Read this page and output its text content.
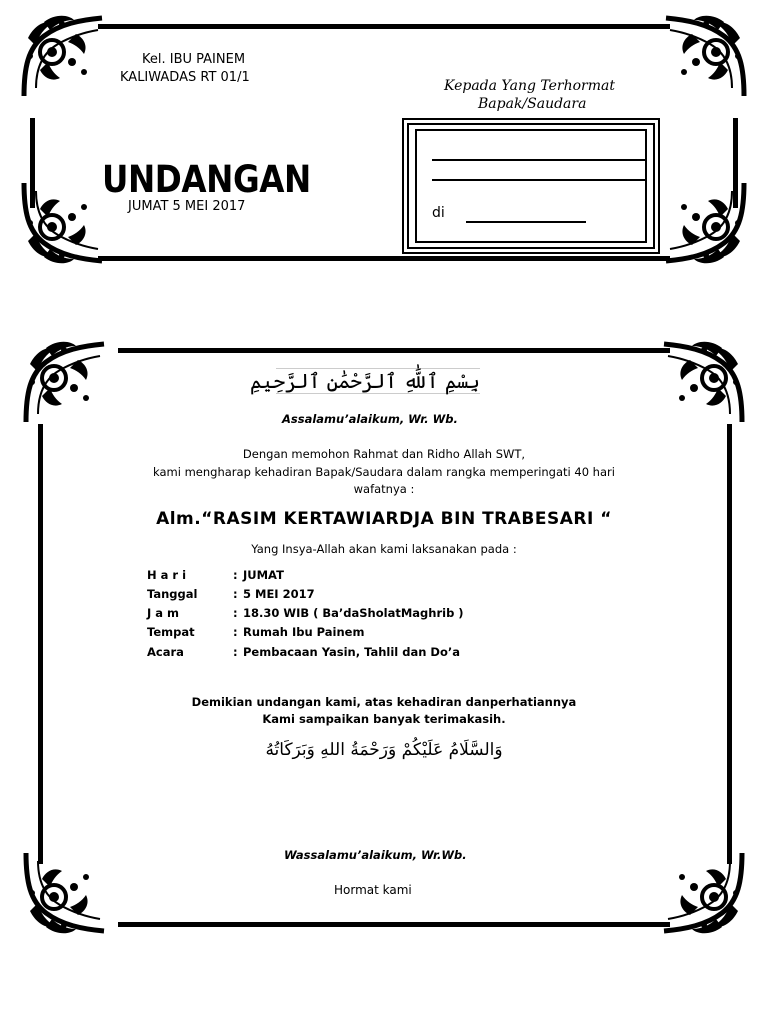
Kel. IBU PAINEM
KALIWADAS RT 01/1
UNDANGAN
JUMAT 5 MEI 2017
Kepada Yang Terhormat
Bapak/Saudara
di
بِسْمِ ٱللَّٰهِ ٱلرَّحْمَٰنِ ٱلرَّحِيمِ
Assalamu’alaikum, Wr. Wb.
Dengan memohon Rahmat dan Ridho Allah SWT,
kami mengharap kehadiran Bapak/Saudara dalam rangka memperingati 40 hari
wafatnya :
Alm.“RASIM KERTAWIARDJA BIN TRABESARI “
Yang Insya-Allah akan kami laksanakan pada :
H a r i	: JUMAT
Tanggal	: 5 MEI 2017
J a m	: 18.30 WIB ( Ba’daSholatMaghrib )
Tempat	: Rumah Ibu Painem
Acara	: Pembacaan Yasin, Tahlil dan Do’a
Demikian undangan kami, atas kehadiran danperhatiannya
Kami sampaikan banyak terimakasih.
وَالسَّلَامُ عَلَيْكُمْ وَرَحْمَةُ اللهِ وَبَرَكَاتُهُ
Wassalamu’alaikum, Wr.Wb.
Hormat kami
